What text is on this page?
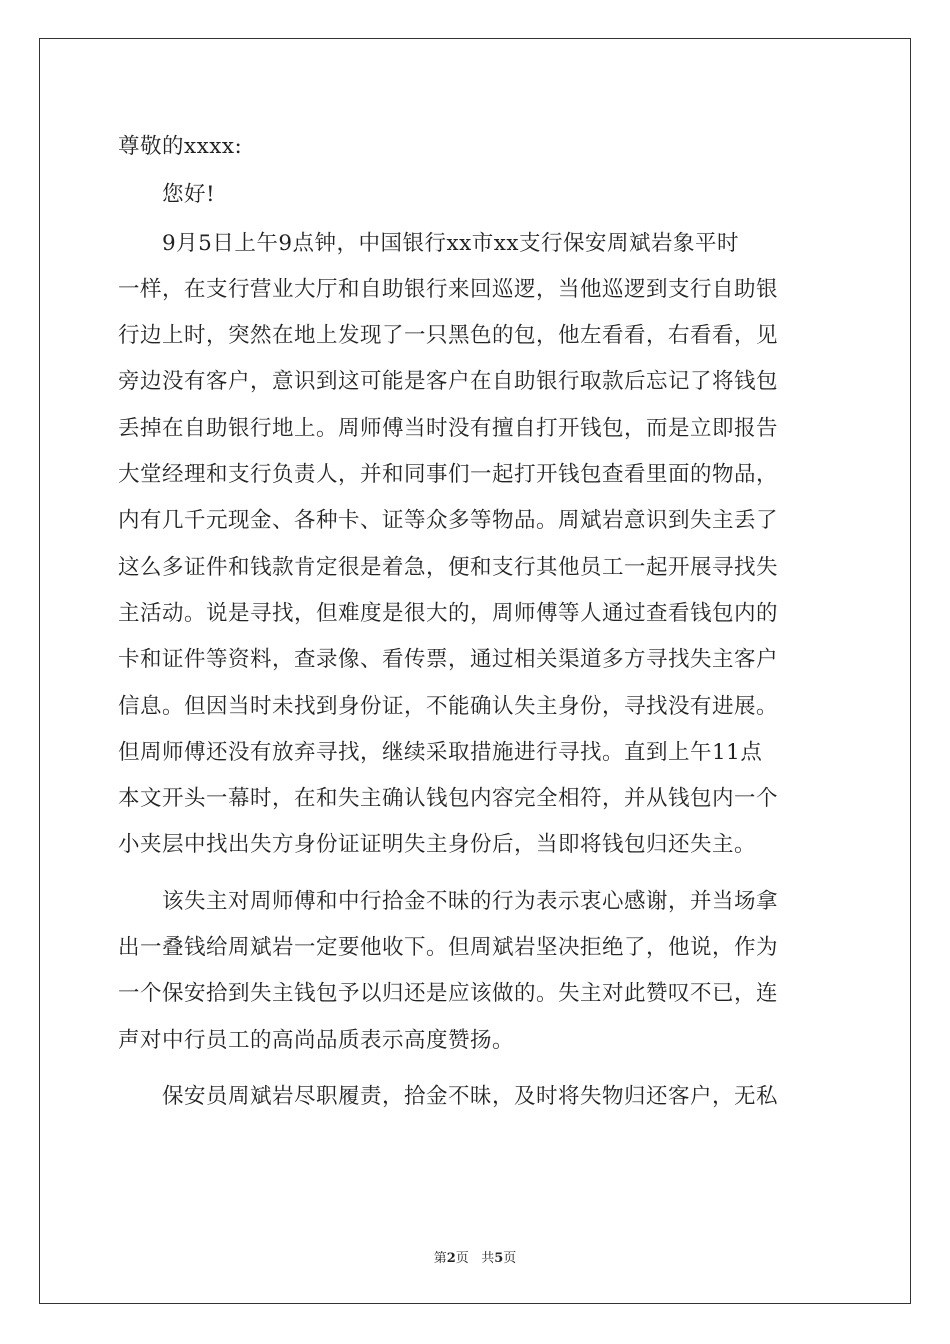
尊敬的xxxx:
您好!
9月5日上午9点钟，中国银行xx市xx支行保安周斌岩象平时
一样，在支行营业大厅和自助银行来回巡逻，当他巡逻到支行自助银
行边上时，突然在地上发现了一只黑色的包，他左看看，右看看，见
旁边没有客户，意识到这可能是客户在自助银行取款后忘记了将钱包
丢掉在自助银行地上。周师傅当时没有擅自打开钱包，而是立即报告
大堂经理和支行负责人，并和同事们一起打开钱包查看里面的物品，
内有几千元现金、各种卡、证等众多等物品。周斌岩意识到失主丢了
这么多证件和钱款肯定很是着急，便和支行其他员工一起开展寻找失
主活动。说是寻找，但难度是很大的，周师傅等人通过查看钱包内的
卡和证件等资料，查录像、看传票，通过相关渠道多方寻找失主客户
信息。但因当时未找到身份证，不能确认失主身份，寻找没有进展。
但周师傅还没有放弃寻找，继续采取措施进行寻找。直到上午11点
本文开头一幕时，在和失主确认钱包内容完全相符，并从钱包内一个
小夹层中找出失方身份证证明失主身份后，当即将钱包归还失主。
该失主对周师傅和中行拾金不昧的行为表示衷心感谢，并当场拿
出一叠钱给周斌岩一定要他收下。但周斌岩坚决拒绝了，他说，作为
一个保安拾到失主钱包予以归还是应该做的。失主对此赞叹不已，连
声对中行员工的高尚品质表示高度赞扬。
保安员周斌岩尽职履责，拾金不昧，及时将失物归还客户，无私
第2页 共5页
